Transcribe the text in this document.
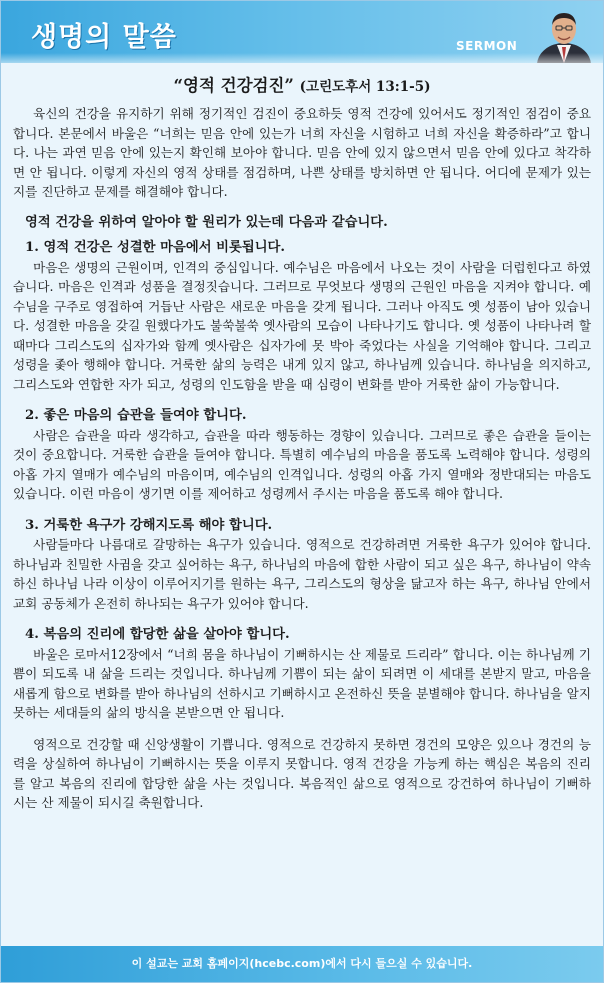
생명의 말씀	SERMON
“영적 건강검진” (고린도후서 13:1-5)

육신의 건강을 유지하기 위해 정기적인 검진이 중요하듯 영적 건강에 있어서도 정기적인 점검이 중요합니다. 본문에서 바울은 “너희는 믿음 안에 있는가 너희 자신을 시험하고 너희 자신을 확증하라”고 합니다. 나는 과연 믿음 안에 있는지 확인해 보아야 합니다. 믿음 안에 있지 않으면서 믿음 안에 있다고 착각하면 안 됩니다. 이렇게 자신의 영적 상태를 점검하며, 나쁜 상태를 방치하면 안 됩니다. 어디에 문제가 있는지를 진단하고 문제를 해결해야 합니다.

영적 건강을 위하여 알아야 할 원리가 있는데 다음과 같습니다.
1. 영적 건강은 성결한 마음에서 비롯됩니다.

마음은 생명의 근원이며, 인격의 중심입니다. 예수님은 마음에서 나오는 것이 사람을 더럽힌다고 하였습니다. 마음은 인격과 성품을 결정짓습니다. 그러므로 무엇보다 생명의 근원인 마음을 지켜야 합니다. 예수님을 구주로 영접하여 거듭난 사람은 새로운 마음을 갖게 됩니다. 그러나 아직도 옛 성품이 남아 있습니다. 성결한 마음을 갖길 원했다가도 불쑥불쑥 옛사람의 모습이 나타나기도 합니다. 옛 성품이 나타나려 할 때마다 그리스도의 십자가와 함께 옛사람은 십자가에 못 박아 죽었다는 사실을 기억해야 합니다. 그리고 성령을 좇아 행해야 합니다. 거룩한 삶의 능력은 내게 있지 않고, 하나님께 있습니다. 하나님을 의지하고, 그리스도와 연합한 자가 되고, 성령의 인도함을 받을 때 심령이 변화를 받아 거룩한 삶이 가능합니다.

2. 좋은 마음의 습관을 들여야 합니다.

사람은 습관을 따라 생각하고, 습관을 따라 행동하는 경향이 있습니다. 그러므로 좋은 습관을 들이는 것이 중요합니다. 거룩한 습관을 들여야 합니다. 특별히 예수님의 마음을 품도록 노력해야 합니다. 성령의 아홉 가지 열매가 예수님의 마음이며, 예수님의 인격입니다. 성령의 아홉 가지 열매와 정반대되는 마음도 있습니다. 이런 마음이 생기면 이를 제어하고 성령께서 주시는 마음을 품도록 해야 합니다.

3. 거룩한 욕구가 강해지도록 해야 합니다.

사람들마다 나름대로 갈망하는 욕구가 있습니다. 영적으로 건강하려면 거룩한 욕구가 있어야 합니다. 하나님과 친밀한 사귐을 갖고 싶어하는 욕구, 하나님의 마음에 합한 사람이 되고 싶은 욕구, 하나님이 약속하신 하나님 나라 이상이 이루어지기를 원하는 욕구, 그리스도의 형상을 닮고자 하는 욕구, 하나님 안에서 교회 공동체가 온전히 하나되는 욕구가 있어야 합니다.

4. 복음의 진리에 합당한 삶을 살아야 합니다.

바울은 로마서12장에서 “너희 몸을 하나님이 기뻐하시는 산 제물로 드리라” 합니다. 이는 하나님께 기쁨이 되도록 내 삶을 드리는 것입니다. 하나님께 기쁨이 되는 삶이 되려면 이 세대를 본받지 말고, 마음을 새롭게 함으로 변화를 받아 하나님의 선하시고 기뻐하시고 온전하신 뜻을 분별해야 합니다. 하나님을 알지 못하는 세대들의 삶의 방식을 본받으면 안 됩니다.

영적으로 건강할 때 신앙생활이 기쁩니다. 영적으로 건강하지 못하면 경건의 모양은 있으나 경건의 능력을 상실하여 하나님이 기뻐하시는 뜻을 이루지 못합니다. 영적 건강을 가능케 하는 핵심은 복음의 진리를 알고 복음의 진리에 합당한 삶을 사는 것입니다. 복음적인 삶으로 영적으로 강건하여 하나님이 기뻐하시는 산 제물이 되시길 축원합니다.

이 설교는 교회 홈페이지(hcebc.com)에서 다시 들으실 수 있습니다.
